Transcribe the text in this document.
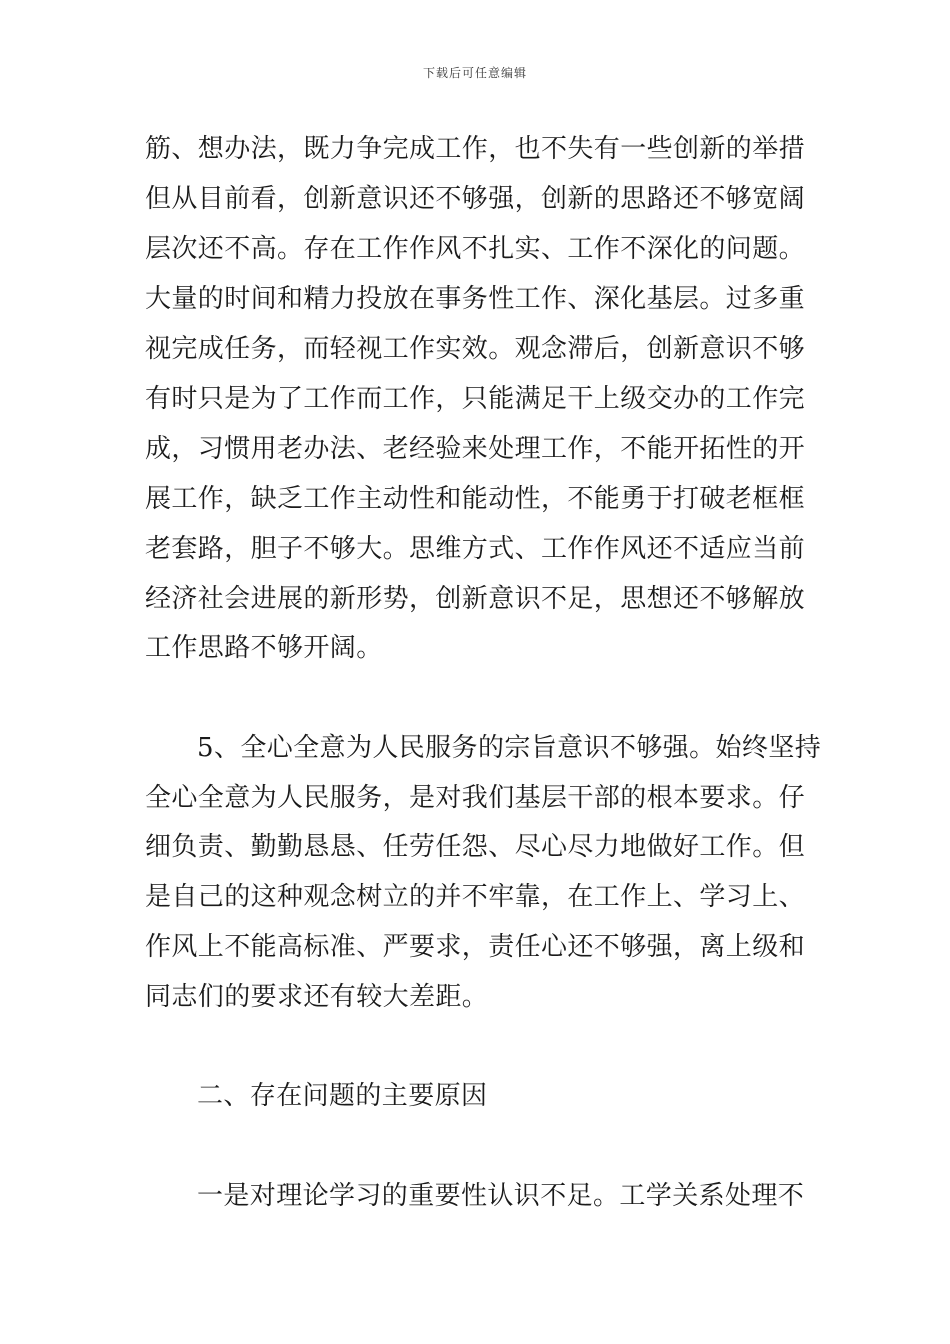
下载后可任意编辑
筋、想办法，既力争完成工作，也不失有一些创新的举措
但从目前看，创新意识还不够强，创新的思路还不够宽阔
层次还不高。存在工作作风不扎实、工作不深化的问题。
大量的时间和精力投放在事务性工作、深化基层。过多重
视完成任务，而轻视工作实效。观念滞后，创新意识不够
有时只是为了工作而工作，只能满足干上级交办的工作完
成，习惯用老办法、老经验来处理工作，不能开拓性的开
展工作，缺乏工作主动性和能动性，不能勇于打破老框框
老套路，胆子不够大。思维方式、工作作风还不适应当前
经济社会进展的新形势，创新意识不足，思想还不够解放
工作思路不够开阔。
5、全心全意为人民服务的宗旨意识不够强。始终坚持
全心全意为人民服务，是对我们基层干部的根本要求。仔
细负责、勤勤恳恳、任劳任怨、尽心尽力地做好工作。但
是自己的这种观念树立的并不牢靠，在工作上、学习上、
作风上不能高标准、严要求，责任心还不够强，离上级和
同志们的要求还有较大差距。
二、存在问题的主要原因
一是对理论学习的重要性认识不足。工学关系处理不
